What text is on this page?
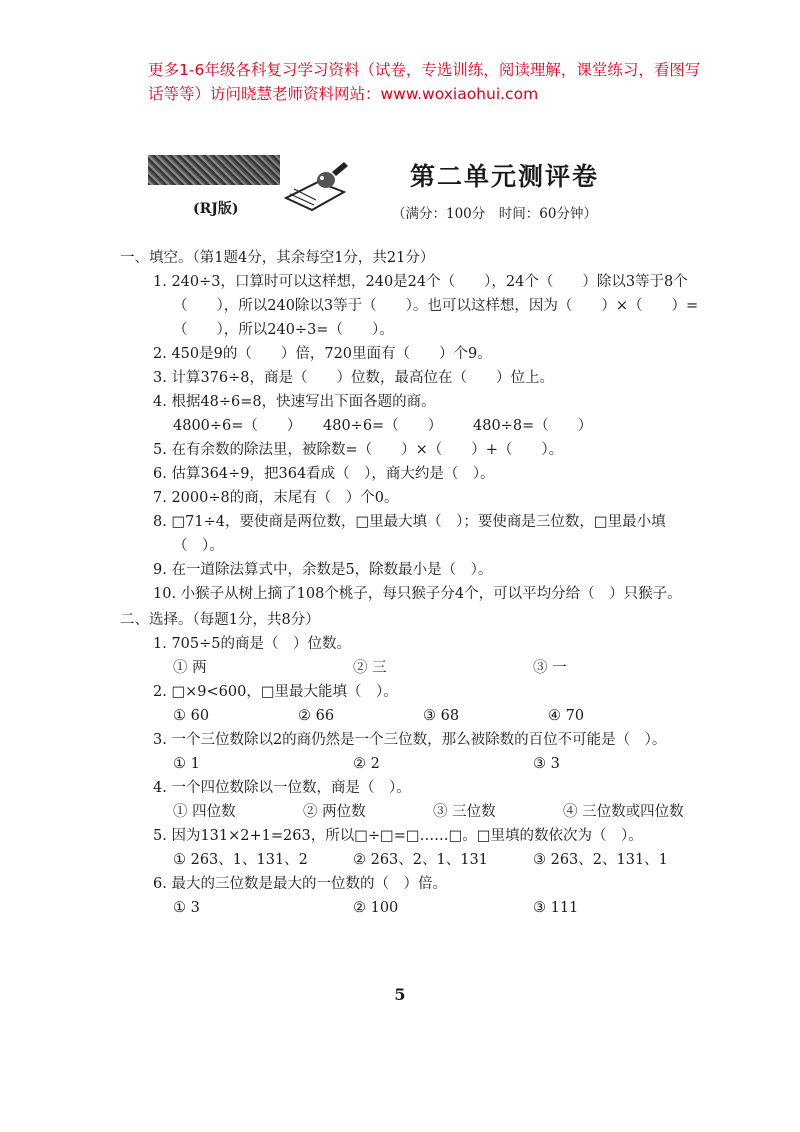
更多1-6年级各科复习学习资料（试卷，专选训练，阅读理解，课堂练习，看图写话等等）访问晓慧老师资料网站：www.woxiaohui.com
(RJ版)
第二单元测评卷
（满分：100分　时间：60分钟）
一、填空。（第1题4分，其余每空1分，共21分）
1. 240÷3，口算时可以这样想，240是24个（　　），24个（　　）除以3等于8个（　　），所以240除以3等于（　　）。也可以这样想，因为（　　）×（　　）=（　　），所以240÷3=（　　）。
2. 450是9的（　　）倍，720里面有（　　）个9。
3. 计算376÷8，商是（　　）位数，最高位在（　　）位上。
4. 根据48÷6=8，快速写出下面各题的商。
4800÷6=（　　）	480÷6=（　　）	480÷8=（　　）
5. 在有余数的除法里，被除数=（　　）×（　　）+（　　）。
6. 估算364÷9，把364看成（　），商大约是（　）。
7. 2000÷8的商，末尾有（　）个0。
8. □71÷4，要使商是两位数，□里最大填（　）；要使商是三位数，□里最小填（　）。
9. 在一道除法算式中，余数是5，除数最小是（　）。
10. 小猴子从树上摘了108个桃子，每只猴子分4个，可以平均分给（　）只猴子。
二、选择。（每题1分，共8分）
1. 705÷5的商是（　）位数。
① 两	② 三	③ 一
2. □×9<600，□里最大能填（　）。
① 60	② 66	③ 68	④ 70
3. 一个三位数除以2的商仍然是一个三位数，那么被除数的百位不可能是（　）。
① 1	② 2	③ 3
4. 一个四位数除以一位数，商是（　）。
① 四位数	② 两位数	③ 三位数	④ 三位数或四位数
5. 因为131×2+1=263，所以□÷□=□……□。□里填的数依次为（　）。
① 263、1、131、2	② 263、2、1、131	③ 263、2、131、1
6. 最大的三位数是最大的一位数的（　）倍。
① 3	② 100	③ 111
5
